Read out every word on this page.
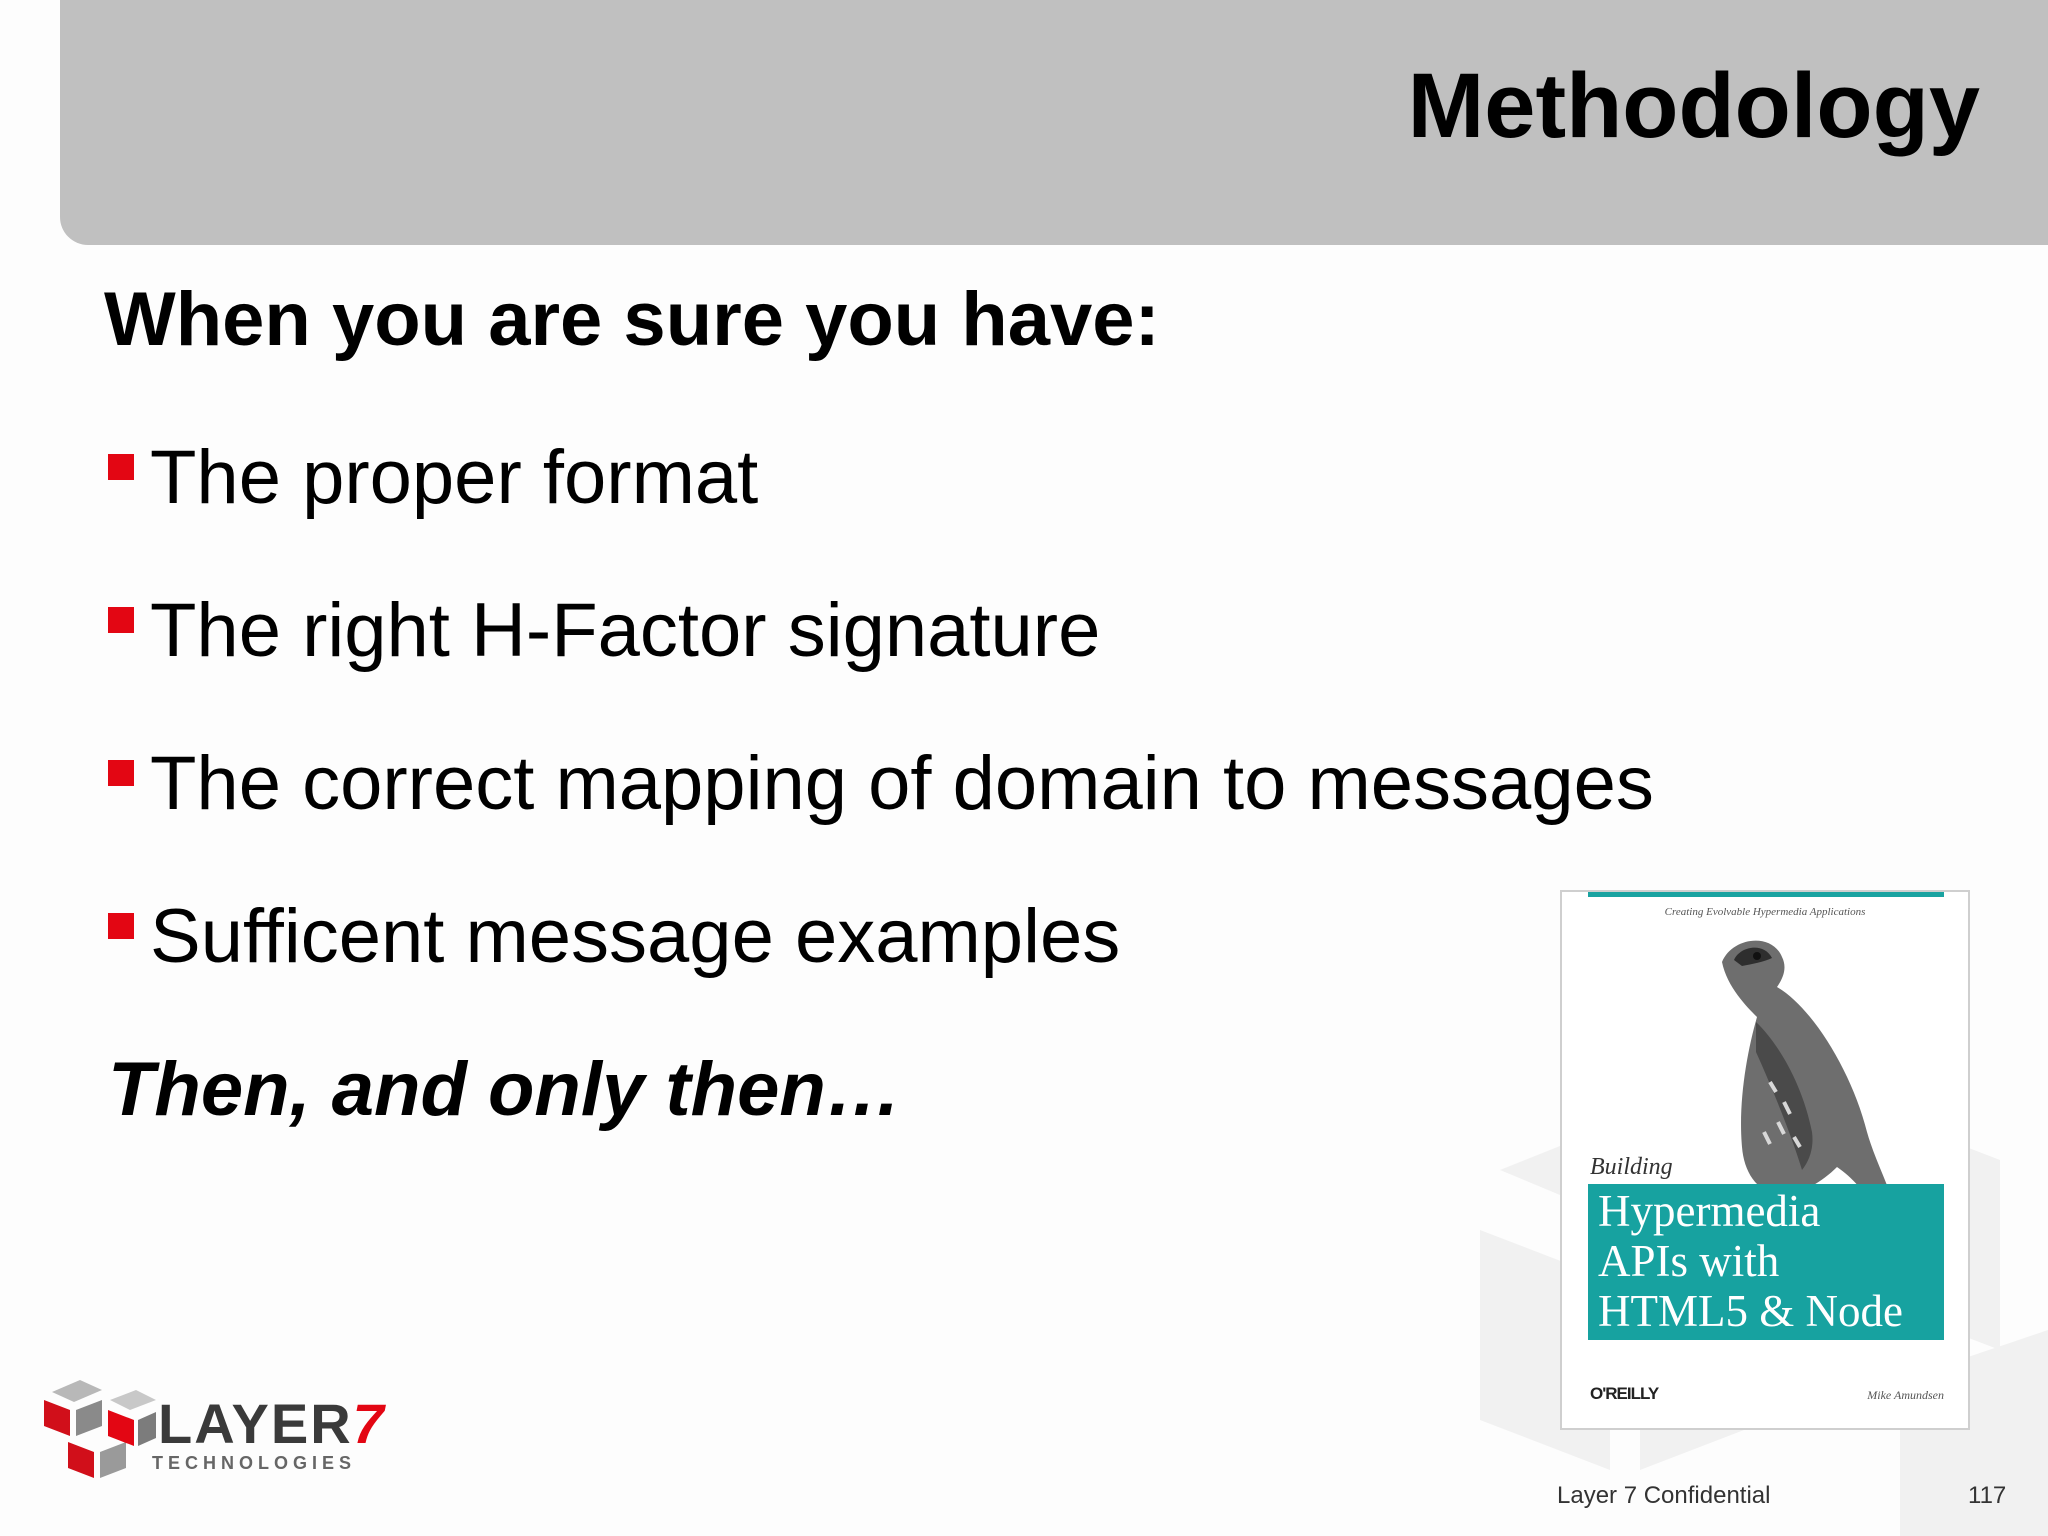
Methodology

When you are sure you have:

The proper format
The right H-Factor signature
The correct mapping of domain to messages
Sufficent message examples

Then, and only then…

Creating Evolvable Hypermedia Applications
Building
Hypermedia
APIs with
HTML5 & Node
O'REILLY	Mike Amundsen
LAYER7
TECHNOLOGIES
Layer 7 Confidential	117
